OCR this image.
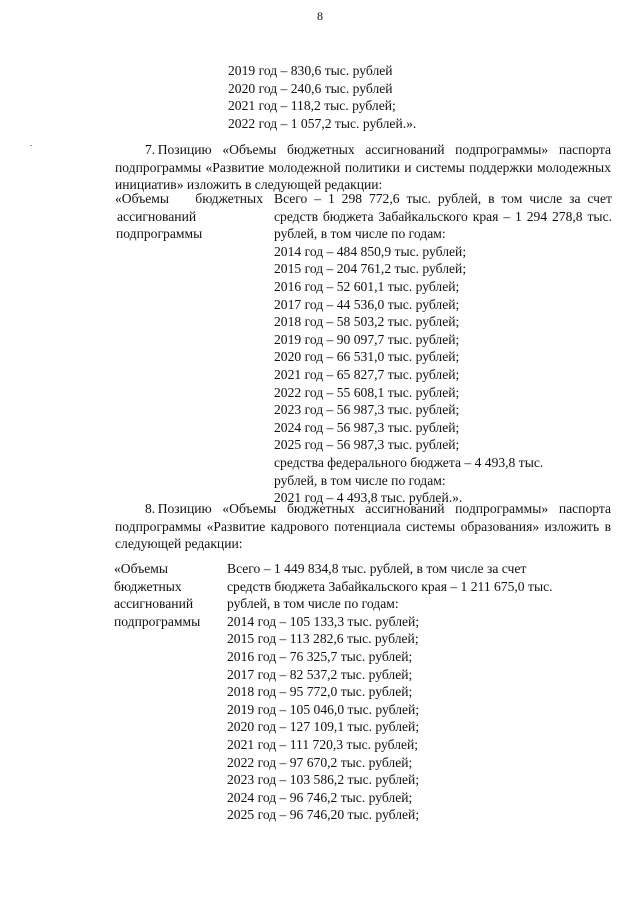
8
2019 год – 830,6 тыс. рублей
2020 год – 240,6 тыс. рублей
2021 год – 118,2 тыс. рублей;
2022 год – 1 057,2 тыс. рублей.».
7. Позицию «Объемы бюджетных ассигнований подпрограммы» паспорта подпрограммы «Развитие молодежной политики и системы поддержки молодежных инициатив» изложить в следующей редакции:
«Объемы бюджетных
ассигнований
подпрограммы
Всего – 1 298 772,6 тыс. рублей, в том числе за счет средств бюджета Забайкальского края – 1 294 278,8 тыс. рублей, в том числе по годам:
2014 год – 484 850,9 тыс. рублей;
2015 год – 204 761,2 тыс. рублей;
2016 год – 52 601,1 тыс. рублей;
2017 год – 44 536,0 тыс. рублей;
2018 год – 58 503,2 тыс. рублей;
2019 год – 90 097,7 тыс. рублей;
2020 год – 66 531,0 тыс. рублей;
2021 год – 65 827,7 тыс. рублей;
2022 год – 55 608,1 тыс. рублей;
2023 год – 56 987,3 тыс. рублей;
2024 год – 56 987,3 тыс. рублей;
2025 год – 56 987,3 тыс. рублей;
средства федерального бюджета – 4 493,8 тыс.
рублей, в том числе по годам:
2021 год – 4 493,8 тыс. рублей.».
8. Позицию «Объемы бюджетных ассигнований подпрограммы» паспорта подпрограммы «Развитие кадрового потенциала системы образования» изложить в следующей редакции:
«Объемы
бюджетных
ассигнований
подпрограммы
Всего – 1 449 834,8 тыс. рублей, в том числе за счет
средств бюджета Забайкальского края – 1 211 675,0 тыс.
рублей, в том числе по годам:
2014 год – 105 133,3 тыс. рублей;
2015 год – 113 282,6 тыс. рублей;
2016 год – 76 325,7 тыс. рублей;
2017 год – 82 537,2 тыс. рублей;
2018 год – 95 772,0 тыс. рублей;
2019 год – 105 046,0 тыс. рублей;
2020 год – 127 109,1 тыс. рублей;
2021 год – 111 720,3 тыс. рублей;
2022 год – 97 670,2 тыс. рублей;
2023 год – 103 586,2 тыс. рублей;
2024 год – 96 746,2 тыс. рублей;
2025 год – 96 746,20 тыс. рублей;
